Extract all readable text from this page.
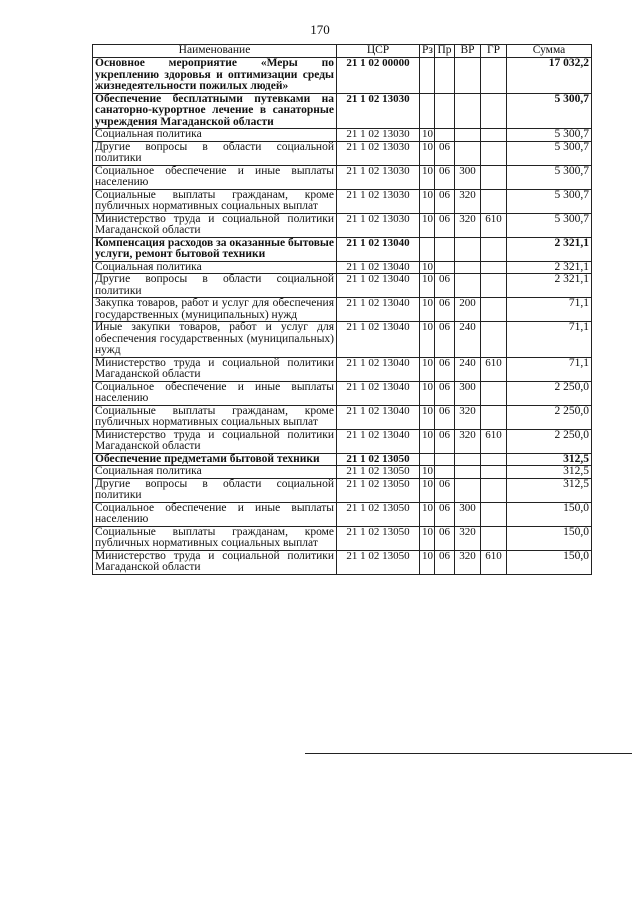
170
Наименование	ЦСР	Рз	Пр	ВР	ГР	Сумма
Основное мероприятие «Меры по укреплению здоровья и оптимизации среды жизнедеятельности пожилых людей»	21 1 02 00000					17 032,2
Обеспечение бесплатными путевками на санаторно-курортное лечение в санаторные учреждения Магаданской области	21 1 02 13030					5 300,7
Социальная политика	21 1 02 13030	10				5 300,7
Другие вопросы в области социальной политики	21 1 02 13030	10	06			5 300,7
Социальное обеспечение и иные выплаты населению	21 1 02 13030	10	06	300		5 300,7
Социальные выплаты гражданам, кроме публичных нормативных социальных выплат	21 1 02 13030	10	06	320		5 300,7
Министерство труда и социальной политики Магаданской области	21 1 02 13030	10	06	320	610	5 300,7
Компенсация расходов за оказанные бытовые услуги, ремонт бытовой техники	21 1 02 13040					2 321,1
Социальная политика	21 1 02 13040	10				2 321,1
Другие вопросы в области социальной политики	21 1 02 13040	10	06			2 321,1
Закупка товаров, работ и услуг для обеспечения государственных (муниципальных) нужд	21 1 02 13040	10	06	200		71,1
Иные закупки товаров, работ и услуг для обеспечения государственных (муниципальных) нужд	21 1 02 13040	10	06	240		71,1
Министерство труда и социальной политики Магаданской области	21 1 02 13040	10	06	240	610	71,1
Социальное обеспечение и иные выплаты населению	21 1 02 13040	10	06	300		2 250,0
Социальные выплаты гражданам, кроме публичных нормативных социальных выплат	21 1 02 13040	10	06	320		2 250,0
Министерство труда и социальной политики Магаданской области	21 1 02 13040	10	06	320	610	2 250,0
Обеспечение предметами бытовой техники	21 1 02 13050					312,5
Социальная политика	21 1 02 13050	10				312,5
Другие вопросы в области социальной политики	21 1 02 13050	10	06			312,5
Социальное обеспечение и иные выплаты населению	21 1 02 13050	10	06	300		150,0
Социальные выплаты гражданам, кроме публичных нормативных социальных выплат	21 1 02 13050	10	06	320		150,0
Министерство труда и социальной политики Магаданской области	21 1 02 13050	10	06	320	610	150,0
